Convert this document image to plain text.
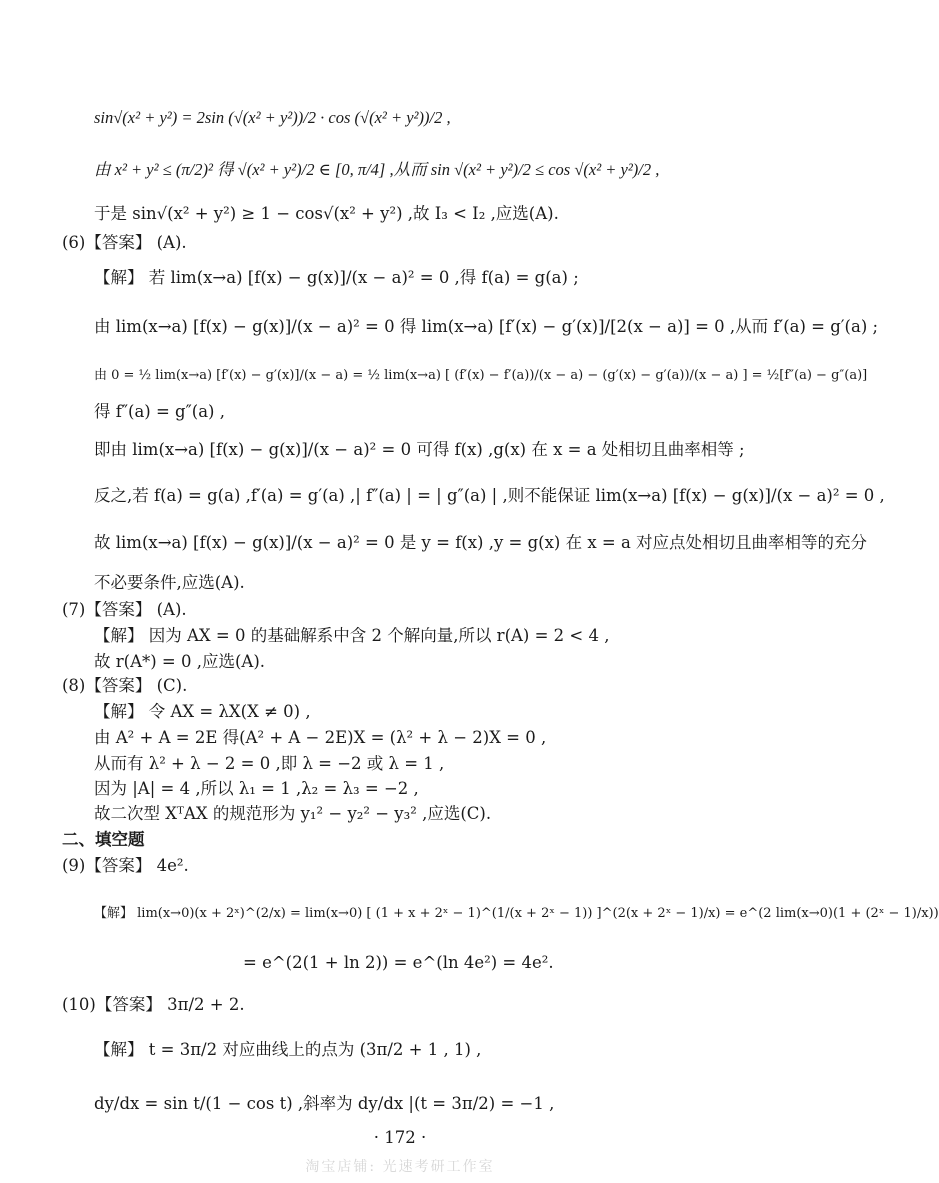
sin√(x² + y²) = 2sin (√(x² + y²))/2 · cos (√(x² + y²))/2 ,
由 x² + y² ≤ (π/2)² 得 √(x² + y²)/2 ∈ [0, π/4] ,从而 sin √(x² + y²)/2 ≤ cos √(x² + y²)/2 ,
于是 sin√(x² + y²) ≥ 1 − cos√(x² + y²) ,故 I₃ < I₂ ,应选(A).
(6)【答案】 (A).
【解】 若 lim(x→a) [f(x) − g(x)]/(x − a)² = 0 ,得 f(a) = g(a) ;
由 lim(x→a) [f(x) − g(x)]/(x − a)² = 0 得 lim(x→a) [f′(x) − g′(x)]/[2(x − a)] = 0 ,从而 f′(a) = g′(a) ;
由 0 = ½ lim(x→a) [f′(x) − g′(x)]/(x − a) = ½ lim(x→a) [ (f′(x) − f′(a))/(x − a) − (g′(x) − g′(a))/(x − a) ] = ½[f″(a) − g″(a)]
得 f″(a) = g″(a) ,
即由 lim(x→a) [f(x) − g(x)]/(x − a)² = 0 可得 f(x) ,g(x) 在 x = a 处相切且曲率相等 ;
反之,若 f(a) = g(a) ,f′(a) = g′(a) ,| f″(a) | = | g″(a) | ,则不能保证 lim(x→a) [f(x) − g(x)]/(x − a)² = 0 ,
故 lim(x→a) [f(x) − g(x)]/(x − a)² = 0 是 y = f(x) ,y = g(x) 在 x = a 对应点处相切且曲率相等的充分
不必要条件,应选(A).
(7)【答案】 (A).
【解】 因为 AX = 0 的基础解系中含 2 个解向量,所以 r(A) = 2 < 4 ,
故 r(A*) = 0 ,应选(A).
(8)【答案】 (C).
【解】 令 AX = λX(X ≠ 0) ,
由 A² + A = 2E 得(A² + A − 2E)X = (λ² + λ − 2)X = 0 ,
从而有 λ² + λ − 2 = 0 ,即 λ = −2 或 λ = 1 ,
因为 |A| = 4 ,所以 λ₁ = 1 ,λ₂ = λ₃ = −2 ,
故二次型 XᵀAX 的规范形为 y₁² − y₂² − y₃² ,应选(C).
二、填空题
(9)【答案】 4e².
【解】 lim(x→0)(x + 2ˣ)^(2/x) = lim(x→0) [ (1 + x + 2ˣ − 1)^(1/(x + 2ˣ − 1)) ]^(2(x + 2ˣ − 1)/x) = e^(2 lim(x→0)(1 + (2ˣ − 1)/x))
= e^(2(1 + ln 2)) = e^(ln 4e²) = 4e².
(10)【答案】 3π/2 + 2.
【解】 t = 3π/2 对应曲线上的点为 (3π/2 + 1 , 1) ,
dy/dx = sin t/(1 − cos t) ,斜率为 dy/dx |(t = 3π/2) = −1 ,
· 172 ·
淘宝店铺: 光速考研工作室
